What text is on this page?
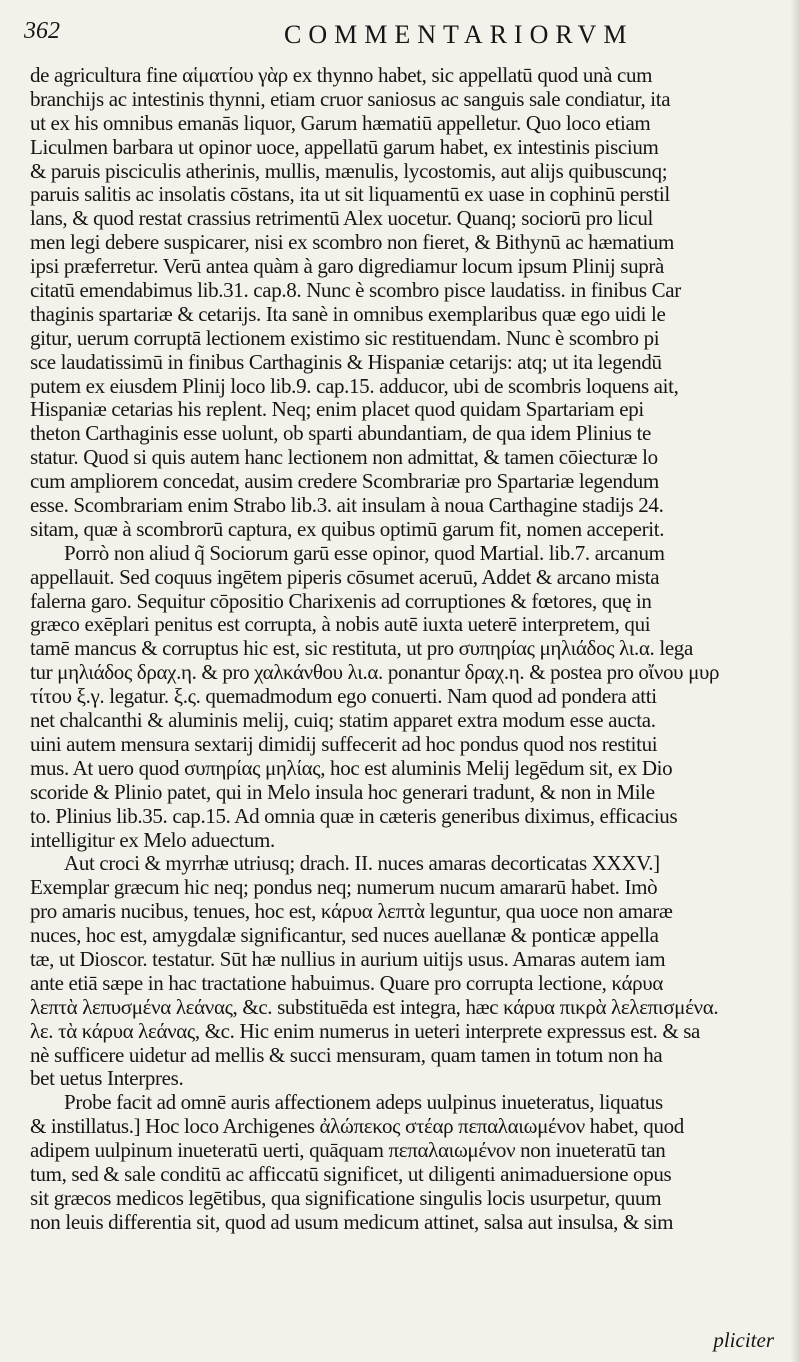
362	COMMENTARIORVM
de agricultura fine αἱματίου γὰρ ex thynno habet, sic appellatū quod unà cum
branchijs ac intestinis thynni, etiam cruor saniosus ac sanguis sale condiatur, ita
ut ex his omnibus emanās liquor, Garum hæmatiū appelletur. Quo loco etiam
Liculmen barbara ut opinor uoce, appellatū garum habet, ex intestinis piscium
& paruis pisciculis atherinis, mullis, mænulis, lycostomis, aut alijs quibuscunq;
paruis salitis ac insolatis cōstans, ita ut sit liquamentū ex uase in cophinū perstil
lans, & quod restat crassius retrimentū Alex uocetur. Quanq; sociorū pro licul
men legi debere suspicarer, nisi ex scombro non fieret, & Bithynū ac hæmatium
ipsi præferretur. Verū antea quàm à garo digrediamur locum ipsum Plinij suprà
citatū emendabimus lib.31. cap.8. Nunc è scombro pisce laudatiss. in finibus Car
thaginis spartariæ & cetarijs. Ita sanè in omnibus exemplaribus quæ ego uidi le
gitur, uerum corruptā lectionem existimo sic restituendam. Nunc è scombro pi
sce laudatissimū in finibus Carthaginis & Hispaniæ cetarijs: atq; ut ita legendū
putem ex eiusdem Plinij loco lib.9. cap.15. adducor, ubi de scombris loquens ait,
Hispaniæ cetarias his replent. Neq; enim placet quod quidam Spartariam epi
theton Carthaginis esse uolunt, ob sparti abundantiam, de qua idem Plinius te
statur. Quod si quis autem hanc lectionem non admittat, & tamen cōiecturæ lo
cum ampliorem concedat, ausim credere Scombrariæ pro Spartariæ legendum
esse. Scombrariam enim Strabo lib.3. ait insulam à noua Carthagine stadijs 24.
sitam, quæ à scombrorū captura, ex quibus optimū garum fit, nomen acceperit.
Porrò non aliud q̃ Sociorum garū esse opinor, quod Martial. lib.7. arcanum
appellauit. Sed coquus ingētem piperis cōsumet aceruū, Addet & arcano mista
falerna garo. Sequitur cōpositio Charixenis ad corruptiones & fœtores, quę in
græco exēplari penitus est corrupta, à nobis autē iuxta ueterē interpretem, qui
tamē mancus & corruptus hic est, sic restituta, ut pro συπηρίας μηλιάδος λι.α. lega
tur μηλιάδος δραχ.η. & pro χαλκάνθου λι.α. ponantur δραχ.η. & postea pro οἴνου μυρ
τίτου ξ.γ. legatur. ξ.ς. quemadmodum ego conuerti. Nam quod ad pondera atti
net chalcanthi & aluminis melij, cuiq; statim apparet extra modum esse aucta.
uini autem mensura sextarij dimidij suffecerit ad hoc pondus quod nos restitui
mus. At uero quod συπηρίας μηλίας, hoc est aluminis Melij legēdum sit, ex Dio
scoride & Plinio patet, qui in Melo insula hoc generari tradunt, & non in Mile
to. Plinius lib.35. cap.15. Ad omnia quæ in cæteris generibus diximus, efficacius
intelligitur ex Melo aduectum.
Aut croci & myrrhæ utriusq; drach. II. nuces amaras decorticatas XXXV.]
Exemplar græcum hic neq; pondus neq; numerum nucum amararū habet. Imò
pro amaris nucibus, tenues, hoc est, κάρυα λεπτὰ leguntur, qua uoce non amaræ
nuces, hoc est, amygdalæ significantur, sed nuces auellanæ & ponticæ appella
tæ, ut Dioscor. testatur. Sūt hæ nullius in aurium uitijs usus. Amaras autem iam
ante etiā sæpe in hac tractatione habuimus. Quare pro corrupta lectione, κάρυα
λεπτὰ λεπυσμένα λεάνας, &c. substituēda est integra, hæc κάρυα πικρὰ λελεπισμένα.
λε. τὰ κάρυα λεάνας, &c. Hic enim numerus in ueteri interprete expressus est. & sa
nè sufficere uidetur ad mellis & succi mensuram, quam tamen in totum non ha
bet uetus Interpres.
Probe facit ad omnē auris affectionem adeps uulpinus inueteratus, liquatus
& instillatus.] Hoc loco Archigenes ἀλώπεκος στέαρ πεπαλαιωμένον habet, quod
adipem uulpinum inueteratū uerti, quāquam πεπαλαιωμένον non inueteratū tan
tum, sed & sale conditū ac afficcatū significet, ut diligenti animaduersione opus
sit græcos medicos legētibus, qua significatione singulis locis usurpetur, quum
non leuis differentia sit, quod ad usum medicum attinet, salsa aut insulsa, & sim
pliciter
